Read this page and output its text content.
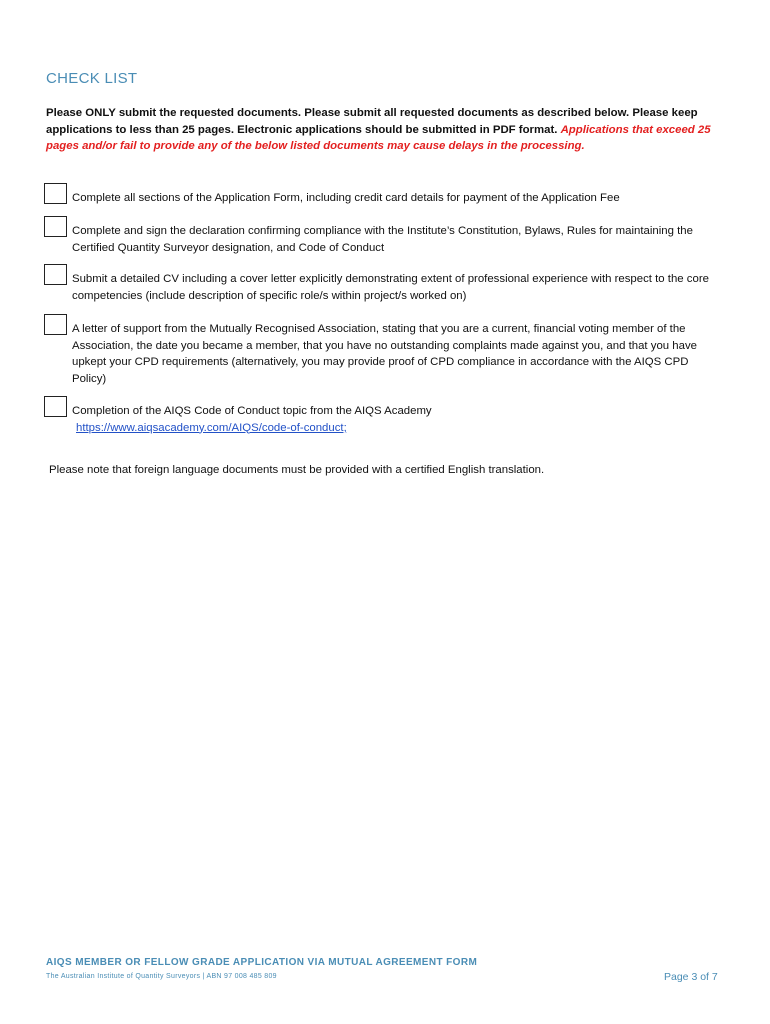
CHECK LIST
Please ONLY submit the requested documents. Please submit all requested documents as described below. Please keep applications to less than 25 pages. Electronic applications should be submitted in PDF format. Applications that exceed 25 pages and/or fail to provide any of the below listed documents may cause delays in the processing.
Complete all sections of the Application Form, including credit card details for payment of the Application Fee
Complete and sign the declaration confirming compliance with the Institute’s Constitution, Bylaws, Rules for maintaining the Certified Quantity Surveyor designation, and Code of Conduct
Submit a detailed CV including a cover letter explicitly demonstrating extent of professional experience with respect to the core competencies (include description of specific role/s within project/s worked on)
A letter of support from the Mutually Recognised Association, stating that you are a current, financial voting member of the Association, the date you became a member, that you have no outstanding complaints made against you, and that you have upkept your CPD requirements (alternatively, you may provide proof of CPD compliance in accordance with the AIQS CPD Policy)
Completion of the AIQS Code of Conduct topic from the AIQS Academy
https://www.aiqsacademy.com/AIQS/code-of-conduct;
Please note that foreign language documents must be provided with a certified English translation.
AIQS MEMBER OR FELLOW GRADE APPLICATION VIA MUTUAL AGREEMENT FORM
The Australian Institute of Quantity Surveyors | ABN 97 008 485 809	Page 3 of 7
